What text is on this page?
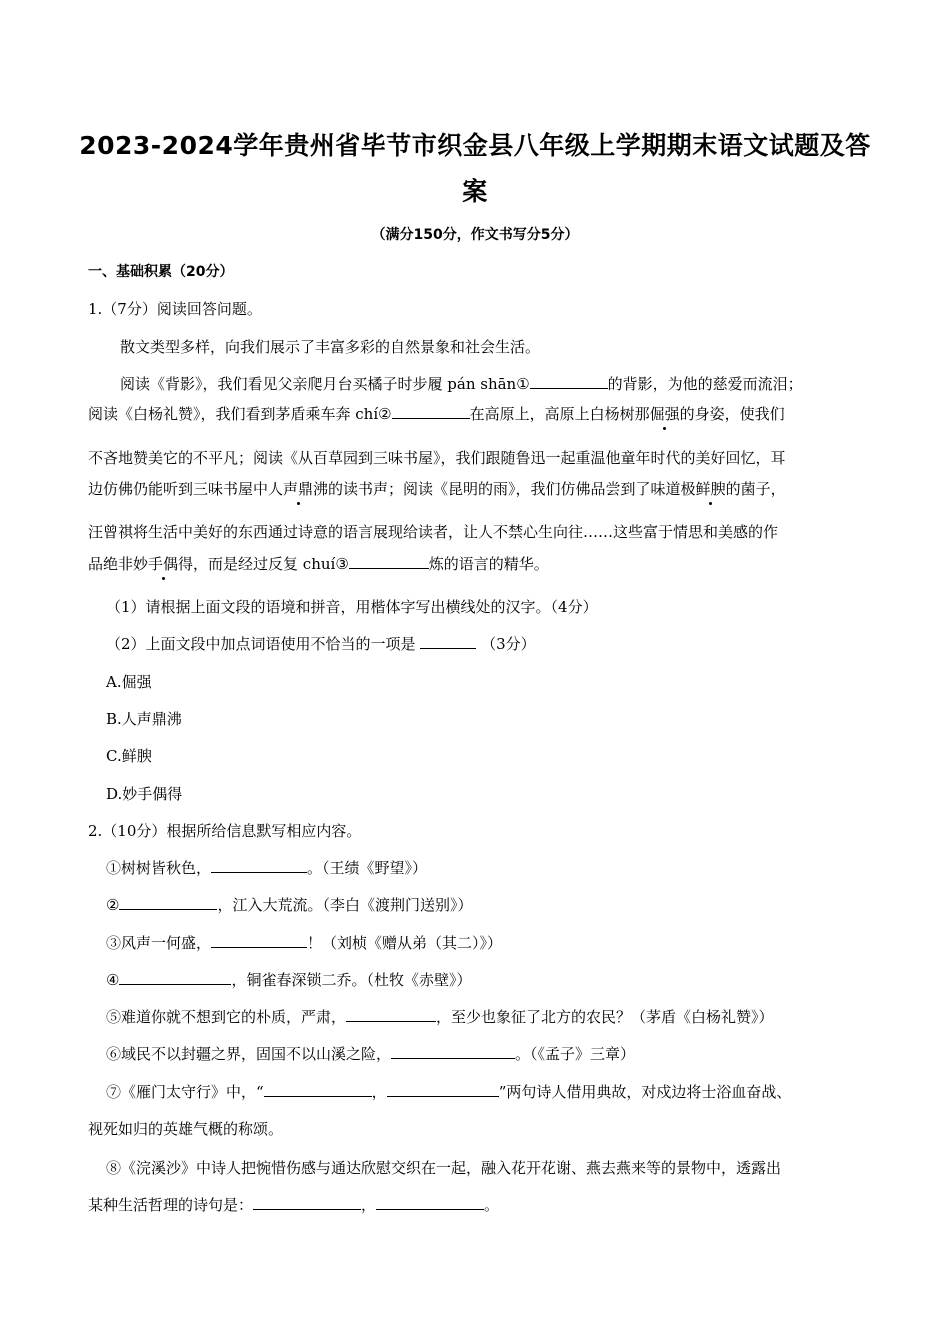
2023-2024学年贵州省毕节市织金县八年级上学期期末语文试题及答
案
（满分150分，作文书写分5分）
一、基础积累（20分）
1.（7分）阅读回答问题。
散文类型多样，向我们展示了丰富多彩的自然景象和社会生活。
阅读《背影》，我们看见父亲爬月台买橘子时步履 pán shān①	的背影，为他的慈爱而流泪；
阅读《白杨礼赞》，我们看到茅盾乘车奔 chí②	在高原上，高原上白杨树那倔强的身姿，使我们
不吝地赞美它的不平凡；阅读《从百草园到三味书屋》，我们跟随鲁迅一起重温他童年时代的美好回忆，耳
边仿佛仍能听到三味书屋中人声鼎沸的读书声；阅读《昆明的雨》，我们仿佛品尝到了味道极鲜腴的菌子，
汪曾祺将生活中美好的东西通过诗意的语言展现给读者，让人不禁心生向往……这些富于情思和美感的作
品绝非妙手偶得，而是经过反复 chuí③	炼的语言的精华。
（1）请根据上面文段的语境和拼音，用楷体字写出横线处的汉字。（4分）
（2）上面文段中加点词语使用不恰当的一项是	（3分）
A.倔强
B.人声鼎沸
C.鲜腴
D.妙手偶得
2.（10分）根据所给信息默写相应内容。
①树树皆秋色，	。（王绩《野望》）
②	，江入大荒流。（李白《渡荆门送别》）
③风声一何盛，	！（刘桢《赠从弟（其二）》）
④	，铜雀春深锁二乔。（杜牧《赤壁》）
⑤难道你就不想到它的朴质，严肃，	，至少也象征了北方的农民？（茅盾《白杨礼赞》）
⑥域民不以封疆之界，固国不以山溪之险，	。（《孟子》三章）
⑦《雁门太守行》中，“	，	”两句诗人借用典故，对戍边将士浴血奋战、
视死如归的英雄气概的称颂。
⑧《浣溪沙》中诗人把惋惜伤感与通达欣慰交织在一起，融入花开花谢、燕去燕来等的景物中，透露出
某种生活哲理的诗句是：	，	。
